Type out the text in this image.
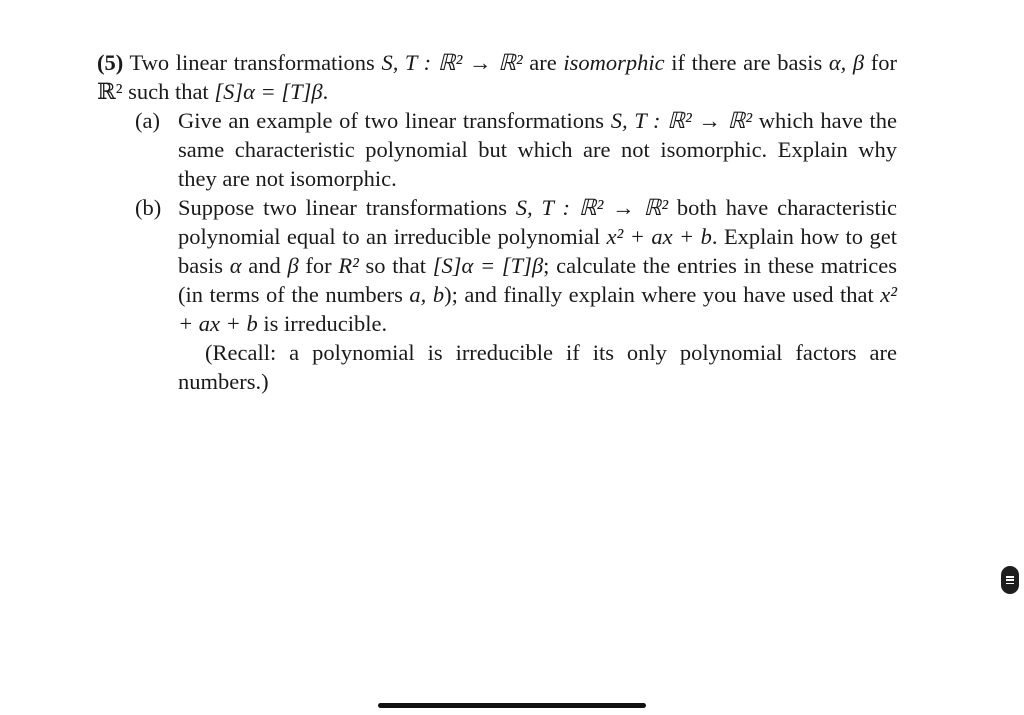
(5) Two linear transformations S, T : ℝ² → ℝ² are isomorphic if there are basis α, β for ℝ² such that [S]α = [T]β.
(a) Give an example of two linear transformations S, T : ℝ² → ℝ² which have the same characteristic polynomial but which are not isomorphic. Explain why they are not isomorphic.
(b) Suppose two linear transformations S, T : ℝ² → ℝ² both have characteristic polynomial equal to an irreducible polynomial x² + ax + b. Explain how to get basis α and β for R² so that [S]α = [T]β; calculate the entries in these matrices (in terms of the numbers a, b); and finally explain where you have used that x² + ax + b is irreducible.
(Recall: a polynomial is irreducible if its only polynomial factors are numbers.)
